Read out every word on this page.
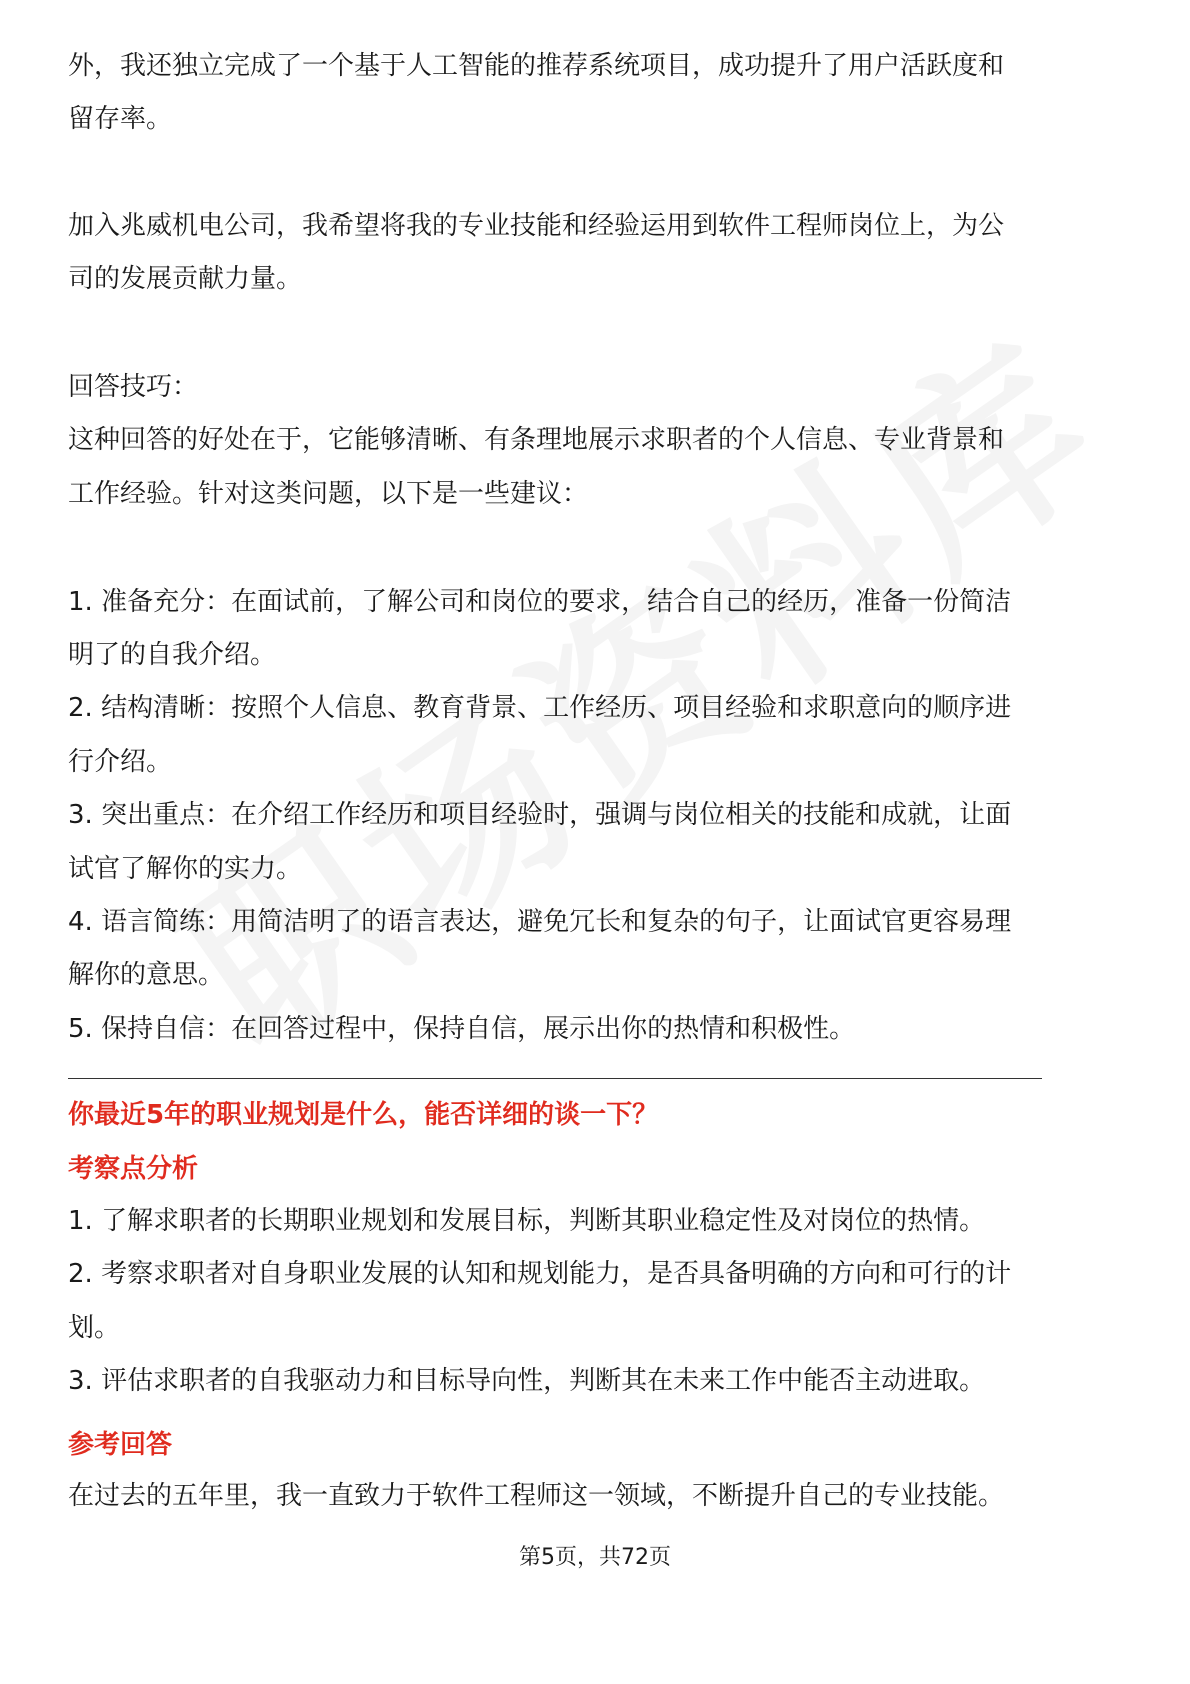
外，我还独立完成了一个基于人工智能的推荐系统项目，成功提升了用户活跃度和
留存率。
加入兆威机电公司，我希望将我的专业技能和经验运用到软件工程师岗位上，为公
司的发展贡献力量。
回答技巧：
这种回答的好处在于，它能够清晰、有条理地展示求职者的个人信息、专业背景和
工作经验。针对这类问题，以下是一些建议：
1. 准备充分：在面试前，了解公司和岗位的要求，结合自己的经历，准备一份简洁
明了的自我介绍。
2. 结构清晰：按照个人信息、教育背景、工作经历、项目经验和求职意向的顺序进
行介绍。
3. 突出重点：在介绍工作经历和项目经验时，强调与岗位相关的技能和成就，让面
试官了解你的实力。
4. 语言简练：用简洁明了的语言表达，避免冗长和复杂的句子，让面试官更容易理
解你的意思。
5. 保持自信：在回答过程中，保持自信，展示出你的热情和积极性。
你最近5年的职业规划是什么，能否详细的谈一下？
考察点分析
1. 了解求职者的长期职业规划和发展目标，判断其职业稳定性及对岗位的热情。
2. 考察求职者对自身职业发展的认知和规划能力，是否具备明确的方向和可行的计
划。
3. 评估求职者的自我驱动力和目标导向性，判断其在未来工作中能否主动进取。
参考回答
在过去的五年里，我一直致力于软件工程师这一领域，不断提升自己的专业技能。
第5页，共72页
